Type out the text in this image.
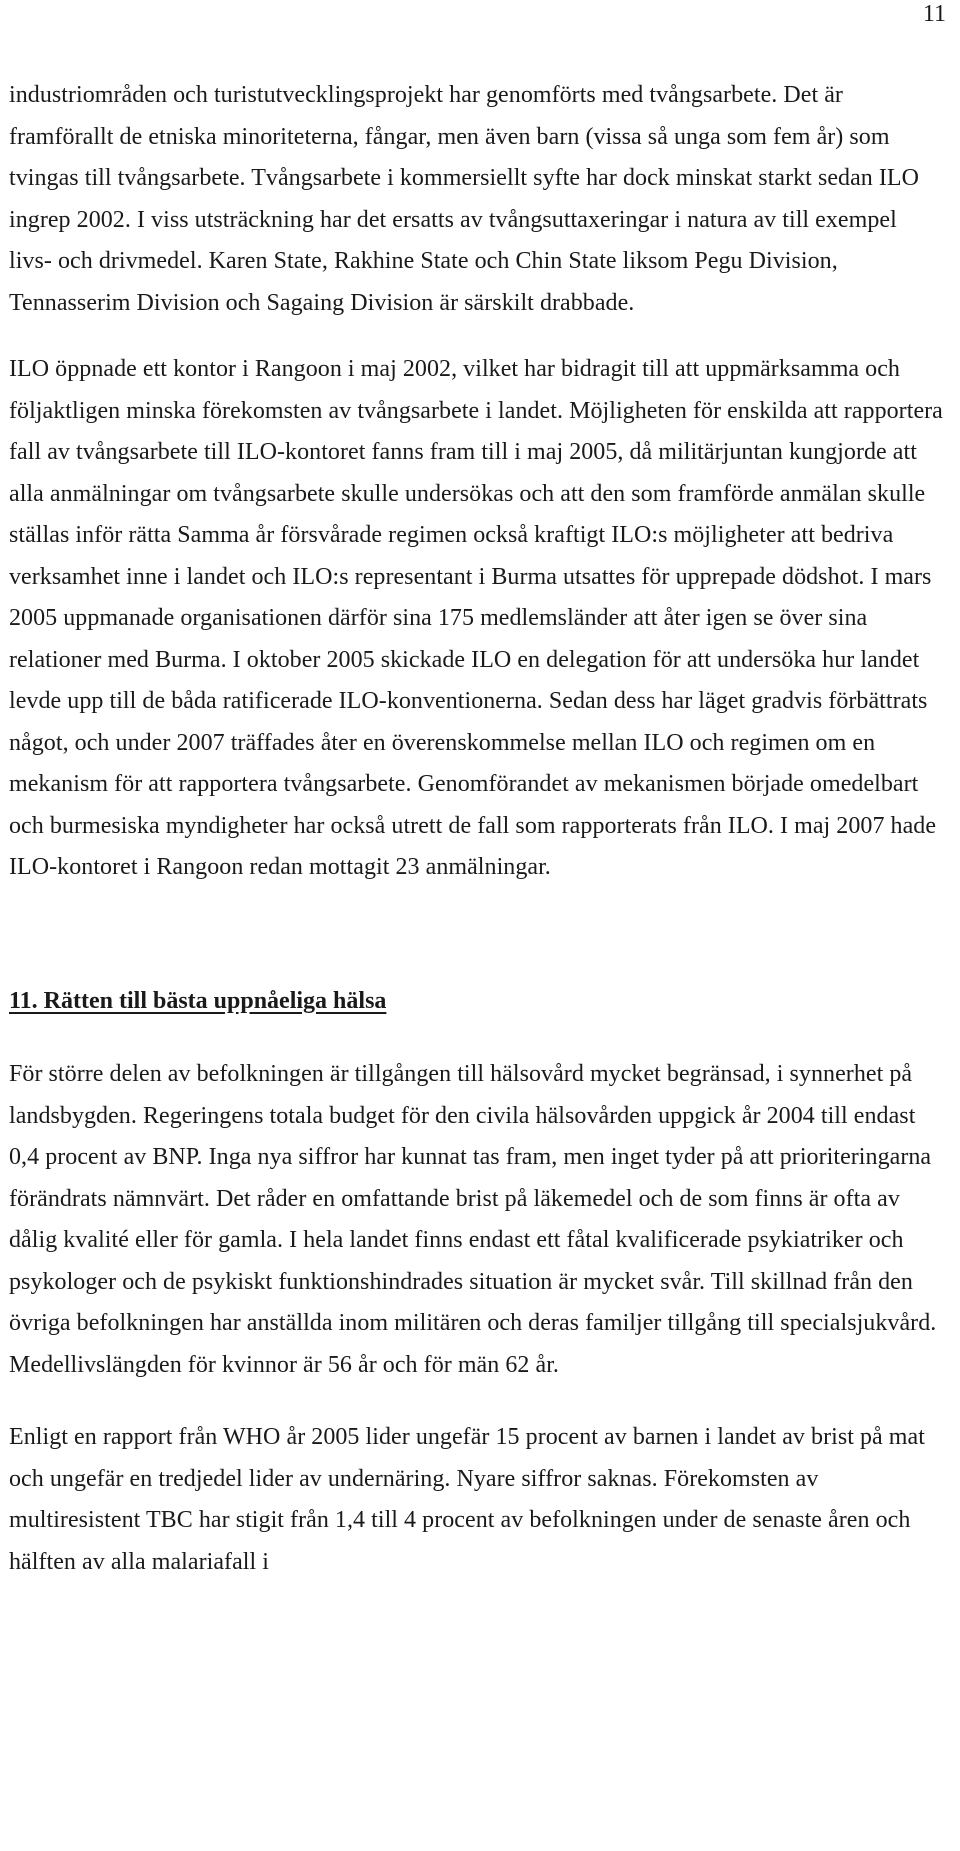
11

industriområden och turistutvecklingsprojekt har genomförts med tvångsarbete. Det är framförallt de etniska minoriteterna, fångar, men även barn (vissa så unga som fem år) som tvingas till tvångsarbete. Tvångsarbete i kommersiellt syfte har dock minskat starkt sedan ILO ingrep 2002. I viss utsträckning har det ersatts av tvångsuttaxeringar i natura av till exempel livs- och drivmedel. Karen State, Rakhine State och Chin State liksom Pegu Division, Tennasserim Division och Sagaing Division är särskilt drabbade.

ILO öppnade ett kontor i Rangoon i maj 2002, vilket har bidragit till att uppmärksamma och följaktligen minska förekomsten av tvångsarbete i landet. Möjligheten för enskilda att rapportera fall av tvångsarbete till ILO-kontoret fanns fram till i maj 2005, då militärjuntan kungjorde att alla anmälningar om tvångsarbete skulle undersökas och att den som framförde anmälan skulle ställas inför rätta Samma år försvårade regimen också kraftigt ILO:s möjligheter att bedriva verksamhet inne i landet och ILO:s representant i Burma utsattes för upprepade dödshot. I mars 2005 uppmanade organisationen därför sina 175 medlemsländer att åter igen se över sina relationer med Burma. I oktober 2005 skickade ILO en delegation för att undersöka hur landet levde upp till de båda ratificerade ILO-konventionerna. Sedan dess har läget gradvis förbättrats något, och under 2007 träffades åter en överenskommelse mellan ILO och regimen om en mekanism för att rapportera tvångsarbete. Genomförandet av mekanismen började omedelbart och burmesiska myndigheter har också utrett de fall som rapporterats från ILO. I maj 2007 hade ILO-kontoret i Rangoon redan mottagit 23 anmälningar.

11. Rätten till bästa uppnåeliga hälsa

För större delen av befolkningen är tillgången till hälsovård mycket begränsad, i synnerhet på landsbygden. Regeringens totala budget för den civila hälsovården uppgick år 2004 till endast 0,4 procent av BNP. Inga nya siffror har kunnat tas fram, men inget tyder på att prioriteringarna förändrats nämnvärt. Det råder en omfattande brist på läkemedel och de som finns är ofta av dålig kvalité eller för gamla. I hela landet finns endast ett fåtal kvalificerade psykiatriker och psykologer och de psykiskt funktionshindrades situation är mycket svår. Till skillnad från den övriga befolkningen har anställda inom militären och deras familjer tillgång till specialsjukvård. Medellivslängden för kvinnor är 56 år och för män 62 år.

Enligt en rapport från WHO år 2005 lider ungefär 15 procent av barnen i landet av brist på mat och ungefär en tredjedel lider av undernäring. Nyare siffror saknas. Förekomsten av multiresistent TBC har stigit från 1,4 till 4 procent av befolkningen under de senaste åren och hälften av alla malariafall i
